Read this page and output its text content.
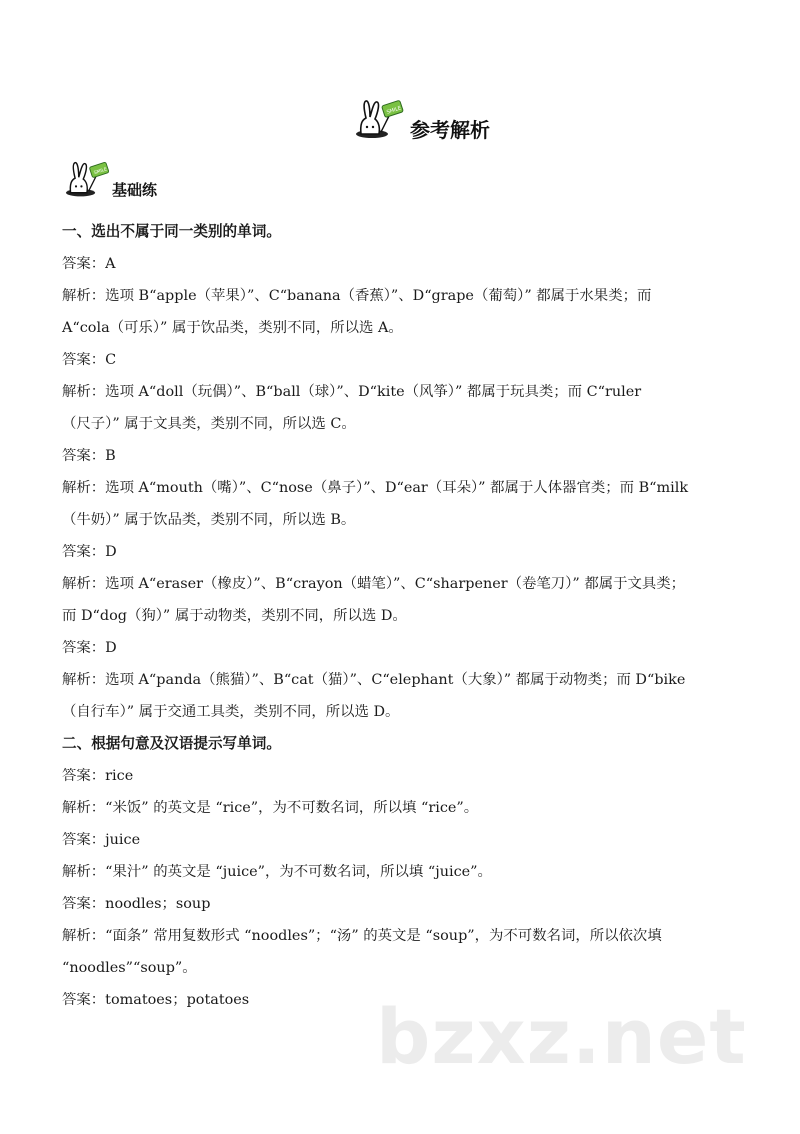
SMILE
参考解析
SMILE
基础练

一、选出不属于同一类别的单词。

答案：A

解析：选项 B“apple（苹果）”、C“banana（香蕉）”、D“grape（葡萄）” 都属于水果类；而

A“cola（可乐）” 属于饮品类，类别不同，所以选 A。

答案：C

解析：选项 A“doll（玩偶）”、B“ball（球）”、D“kite（风筝）” 都属于玩具类；而 C“ruler

（尺子）” 属于文具类，类别不同，所以选 C。

答案：B

解析：选项 A“mouth（嘴）”、C“nose（鼻子）”、D“ear（耳朵）” 都属于人体器官类；而 B“milk

（牛奶）” 属于饮品类，类别不同，所以选 B。

答案：D

解析：选项 A“eraser（橡皮）”、B“crayon（蜡笔）”、C“sharpener（卷笔刀）” 都属于文具类；

而 D“dog（狗）” 属于动物类，类别不同，所以选 D。

答案：D

解析：选项 A“panda（熊猫）”、B“cat（猫）”、C“elephant（大象）” 都属于动物类；而 D“bike

（自行车）” 属于交通工具类，类别不同，所以选 D。

二、根据句意及汉语提示写单词。

答案：rice

解析：“米饭” 的英文是 “rice”，为不可数名词，所以填 “rice”。

答案：juice

解析：“果汁” 的英文是 “juice”，为不可数名词，所以填 “juice”。

答案：noodles；soup

解析：“面条” 常用复数形式 “noodles”；“汤” 的英文是 “soup”，为不可数名词，所以依次填

“noodles”“soup”。

答案：tomatoes；potatoes	bzxz.net
